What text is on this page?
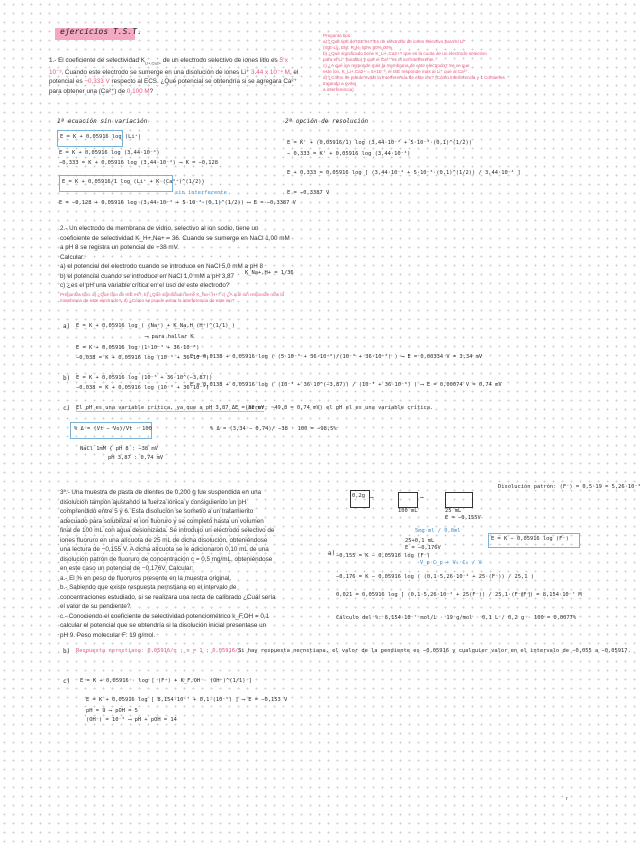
ejercicios T.S.T.
1.- El coeficiente de selectividad $K_{Li+,Ca2+}$ de un electrodo selectivo de iones litio es 5 x 10⁻³. Cuando este electrodo se sumerge en una disolución de iones Li⁺ 3.44 x 10⁻⁴ M, el potencial es −0,333 V respecto al ECS. ¿Qué potencial se obtendría si se agregara Ca²⁺ para obtener una (Ca²⁺) de 0,100 M?
Pregunta tipo:
a) ¿Qué tipo de ISE es? Es un electrodo de iones selectivo para el Li⁺
(ISE-Li), EM: R₂N₂ 80% 80% 00%
b) ¿Qué significado tiene K_Li+,Ca2+? que es la cuota de un electrodo selectivo
para el Li⁺ (analito) y que el Ca²⁺ es el ion interferente.
c) ¿A qué ion responde más la membrana de este electrodo? Se ve que
este ion, K_Li+,Ca2+ = 5×10⁻³, el ISE responde más al Li⁺ que al Ca²⁺.
d) ¿Cómo se puede evitar la interferencia de este ion? (Cómo interferencia y 1 Contienes tratando a evitar
a interferencia)
1ª ecuación sin variación
E = K + 0,05916 log (Li⁺)
E = K + 0,05916 log (3,44·10⁻⁴)
−0,333 = K + 0,05916 log (3,44·10⁻⁴) ⟶ K = −0,128
E = K + 0,05916/1 log (Li⁺ + K·(Ca²⁺)^(1/2))
sin interferente
E = −0,128 + 0,05916 log (3,44·10⁻⁴ + 5·10⁻³·(0,1)^(1/2)) ⟶ E = −0,3387 V
2ª opción de resolución
E = K' + (0,05916/1) log (3,44·10⁻⁴ + 5·10⁻³·(0,1)^(1/2))
− 0,333 = K' + 0,05916 log (3,44·10⁻⁴)
E + 0,333 = 0,05916 log [ (3,44·10⁻⁴ + 5·10⁻³·(0,1)^(1/2)) / 3,44·10⁻⁴ ]
E = −0,3387 V
2.- Un electrodo de membrana de vidrio, selectivo al ion sodio, tiene un
coeficiente de selectividad K_H+,Na+ = 36. Cuando se sumerge en NaCl 1,00 mM
a pH 8 se registra un potencial de −38 mV.
Calcular:
a) el potencial del electrodo cuando se introduce en NaCl 5,0 mM a pH 8
b) el potencial cuando se introduce en NaCl 1,0 mM a pH 3,87
c) ¿es el pH una variable crítica en el uso de este electrodo?
K_Na+,H+ = 1/36
Preguntas tipo: a) ¿Qué tipo de ISE es?, b) ¿Qué significado tiene K_Na+,H+? c) ¿A qué ion responde más la membrana de este electrodo?, d) ¿Cómo se puede evitar la interferencia de este ion?
a) E = K + 0,05916 log ( (Na⁺) + K_Na,H (H⁺)^(1/1) )
⟶ para hallar K
E = K + 0,05916 log (1·10⁻³ + 36·10⁻⁸)
−0,038 = K + 0,05916 log (10⁻³ + 36·10⁻⁸)
E = 0,0138 + 0,05916 log ( (5·10⁻³ + 36·10⁻⁸)/(10⁻³ + 36·10⁻⁸) ) ⟶ E = 0,00334 V = 3,34 mV
b) E = K + 0,05916 log (10⁻³ + 36·10^(−3,87))
−0,038 = K + 0,05916 log (10⁻³ + 36·10⁻⁸)
E = 0,0138 + 0,05916 log ( (10⁻³ + 36·10^(−3,87)) / (10⁻³ + 36·10⁻⁸) ) ⟶ E = 0,00074 V = 0,74 mV
c) El pH es una variable crítica, ya que a pH 3,87 ΔE = 38 mV
(error: ~49,8 = 0,74 mV) el pH el es una variable crítica.
% Δ = (Vt − Vo)/Vt · 100	% Δ = (3,34 − 0,74)/ −38 · 100 = −98,5%
NaCl 1mM { pH 8 : −38 mV
pH 3,87 : 0,74 mV
3ª.- Una muestra de pasta de dientes de 0,200 g fue suspendida en una
disolución tampón ajustando la fuerza iónica y consiguiendo un pH
comprendido entre 5 y 6. Esta disolución se sometió a un tratamiento
adecuado para solubilizar el ion fluoruro y se completó hasta un volumen
final de 100 mL con agua desionizada. Se introdujo un electrodo selectivo de
iones fluoruro en una alícuota de 25 mL de dicha disolución, obteniéndose
una lectura de −0,155 V. A dicha alícuota se le adicionaron 0,10 mL de una
disolución patrón de fluoruro de concentración c = 0,5 mg/mL, obteniéndose
en este caso un potencial de −0,176V. Calcular:
a.- El % en peso de fluoruros presente en la muestra original.
b.- Sabiendo que existe respuesta nernstiana en el intervalo de
concentraciones estudiado, si se realizara una recta de calibrado ¿Cuál sería
el valor de su pendiente?
c.- Conociendo el coeficiente de selectividad potenciométrico k_F,OH = 0,1
calcular el potencial que se obtendría si la disolución inicial presentase un
pH 9. Peso molecular F: 19 g/mol.
0,2g ⟶
100 mL
⟶
25 mL
E = −0,155V
Disolución patrón: (F⁻) = 0,5·19 = 5,26·10⁻⁴
5mg·ml / 0,0ml
25+0,1 mL
E = −0,176V
a)
V_p·C_p + V₀·C₀ / V
E = K − 0,05916 log (F⁻)
−0,155 = K − 0,05916 log (F⁻)
−0,176 = K − 0,05916 log ( (0,1·5,26·10⁻⁴ + 25·(F⁻)) / 25,1 )
0,021 = 0,05916 log [ (0,1·5,26·10⁻⁴ + 25(F⁻)) / 25,1·(F⁻) ]
(F⁻) = 8,154·10⁻⁷ M
Cálculo del %: 8,154·10⁻⁷ mol/L · 19 g/mol · 0,1 L / 0,2 g · 100 = 0,0077%
b) Respuesta nernstiana: 0,05916/n ; n = 1 ; 0,05916/1
Si hay respuesta nernstiana, el valor de la pendiente es −0,05916 y cualquier valor en el intervalo de −0,055 a −0,05917.
c) E = K + 0,05916 · log [ (F⁻) + K_F,OH · (OH⁻)^(1/1) ]
E = K + 0,05916 log [ 8,154·10⁻⁷ + 0,1·(10⁻⁵) ] ⟶ E = −0,153 V
pH = 9 ⟶ pOH = 5
(OH⁻) = 10⁻⁵ ⟶ pH + pOH = 14
r
